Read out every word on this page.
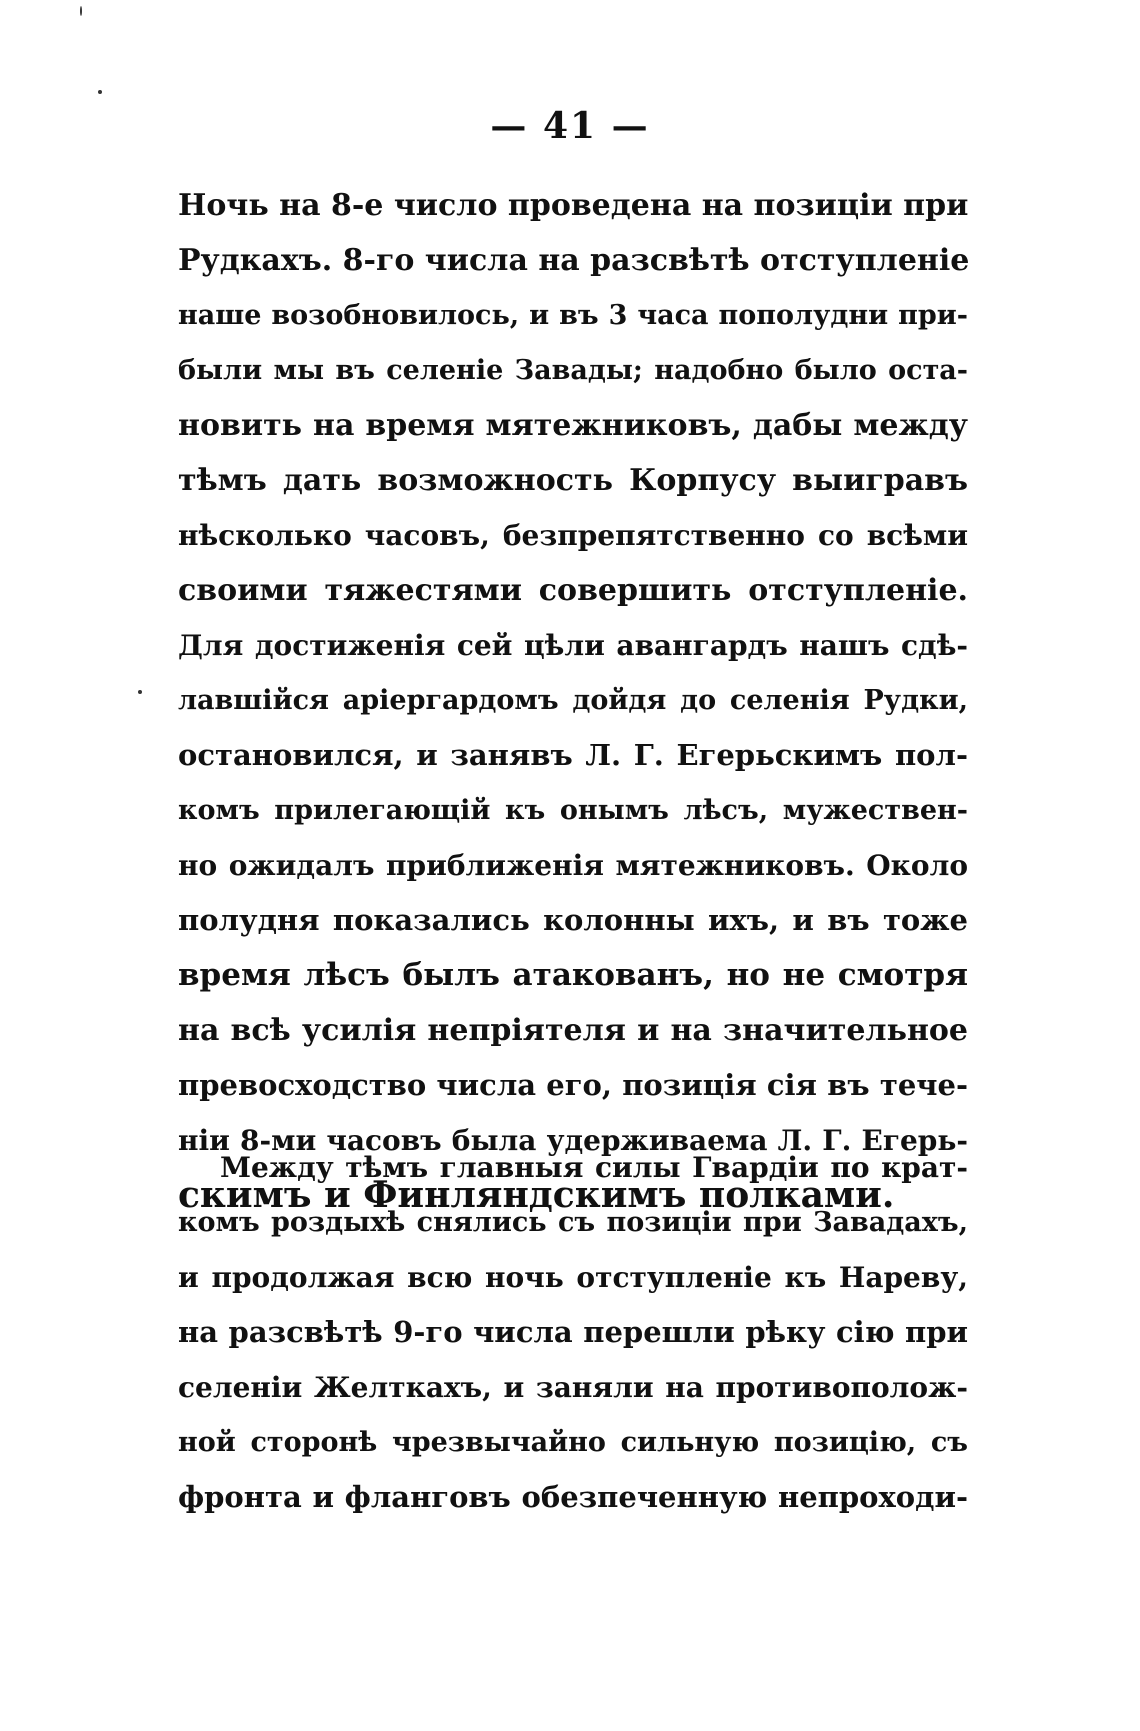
— 41 —
Ночь на 8-е число проведена на позиціи при
Рудкахъ. 8-го числа на разсвѣтѣ отступленіе
наше возобновилось, и въ 3 часа пополудни при-
были мы въ селеніе Завады; надобно было оста-
новить на время мятежниковъ, дабы между
тѣмъ дать возможность Корпусу выигравъ
нѣсколько часовъ, безпрепятственно со всѣми
своими тяжестями совершить отступленіе.
Для достиженія сей цѣли авангардъ нашъ сдѣ-
лавшійся аріергардомъ дойдя до селенія Рудки,
остановился, и занявъ Л. Г. Егерьскимъ пол-
комъ прилегающій къ онымъ лѣсъ, мужествен-
но ожидалъ приближенія мятежниковъ. Около
полудня показались колонны ихъ, и въ тоже
время лѣсъ былъ атакованъ, но не смотря
на всѣ усилія непріятеля и на значительное
превосходство числа его, позиція сія въ тече-
ніи 8-ми часовъ была удерживаема Л. Г. Егерь-
скимъ и Финляндскимъ полками.
Между тѣмъ главныя силы Гвардіи по крат-
комъ роздыхѣ снялись съ позиціи при Завадахъ,
и продолжая всю ночь отступленіе къ Нареву,
на разсвѣтѣ 9-го числа перешли рѣку сію при
селеніи Желткахъ, и заняли на противополож-
ной сторонѣ чрезвычайно сильную позицію, съ
фронта и фланговъ обезпеченную непроходи-
